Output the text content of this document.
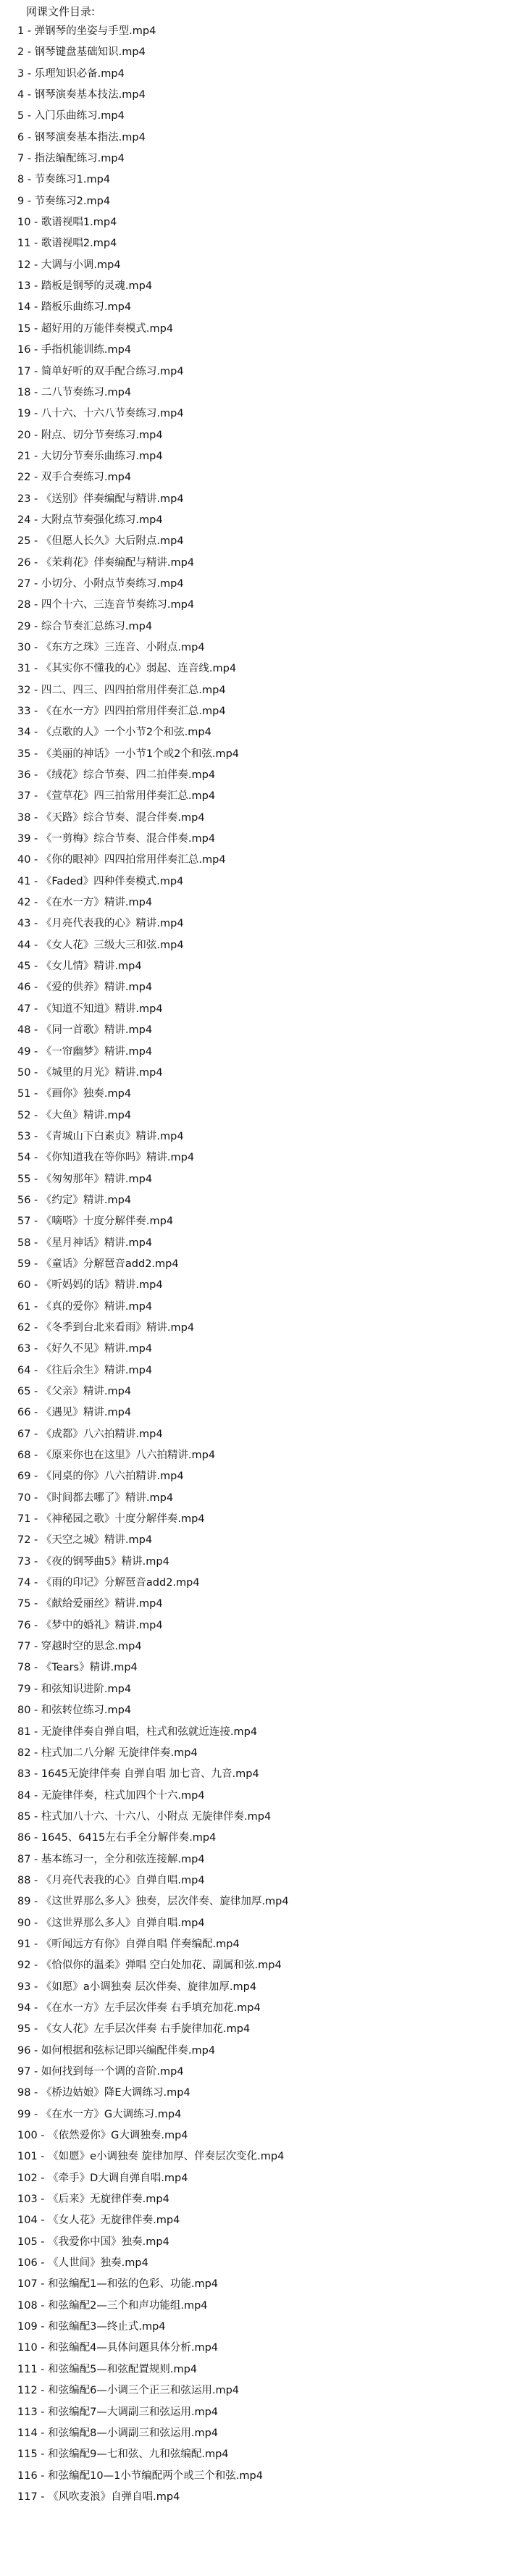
网课文件目录:
1 - 弹钢琴的坐姿与手型.mp4
2 - 钢琴键盘基础知识.mp4
3 - 乐理知识必备.mp4
4 - 钢琴演奏基本技法.mp4
5 - 入门乐曲练习.mp4
6 - 钢琴演奏基本指法.mp4
7 - 指法编配练习.mp4
8 - 节奏练习1.mp4
9 - 节奏练习2.mp4
10 - 歌谱视唱1.mp4
11 - 歌谱视唱2.mp4
12 - 大调与小调.mp4
13 - 踏板是钢琴的灵魂.mp4
14 - 踏板乐曲练习.mp4
15 - 超好用的万能伴奏模式.mp4
16 - 手指机能训练.mp4
17 - 简单好听的双手配合练习.mp4
18 - 二八节奏练习.mp4
19 - 八十六、十六八节奏练习.mp4
20 - 附点、切分节奏练习.mp4
21 - 大切分节奏乐曲练习.mp4
22 - 双手合奏练习.mp4
23 - 《送别》伴奏编配与精讲.mp4
24 - 大附点节奏强化练习.mp4
25 - 《但愿人长久》大后附点.mp4
26 - 《茉莉花》伴奏编配与精讲.mp4
27 - 小切分、小附点节奏练习.mp4
28 - 四个十六、三连音节奏练习.mp4
29 - 综合节奏汇总练习.mp4
30 - 《东方之珠》三连音、小附点.mp4
31 - 《其实你不懂我的心》弱起、连音线.mp4
32 - 四二、四三、四四拍常用伴奏汇总.mp4
33 - 《在水一方》四四拍常用伴奏汇总.mp4
34 - 《点歌的人》一个小节2个和弦.mp4
35 - 《美丽的神话》一小节1个或2个和弦.mp4
36 - 《绒花》综合节奏、四二拍伴奏.mp4
37 - 《萱草花》四三拍常用伴奏汇总.mp4
38 - 《天路》综合节奏、混合伴奏.mp4
39 - 《一剪梅》综合节奏、混合伴奏.mp4
40 - 《你的眼神》四四拍常用伴奏汇总.mp4
41 - 《Faded》四种伴奏模式.mp4
42 - 《在水一方》精讲.mp4
43 - 《月亮代表我的心》精讲.mp4
44 - 《女人花》三级大三和弦.mp4
45 - 《女儿情》精讲.mp4
46 - 《爱的供养》精讲.mp4
47 - 《知道不知道》精讲.mp4
48 - 《同一首歌》精讲.mp4
49 - 《一帘幽梦》精讲.mp4
50 - 《城里的月光》精讲.mp4
51 - 《画你》独奏.mp4
52 - 《大鱼》精讲.mp4
53 - 《青城山下白素贞》精讲.mp4
54 - 《你知道我在等你吗》精讲.mp4
55 - 《匆匆那年》精讲.mp4
56 - 《约定》精讲.mp4
57 - 《嘀嗒》十度分解伴奏.mp4
58 - 《星月神话》精讲.mp4
59 - 《童话》分解琶音add2.mp4
60 - 《听妈妈的话》精讲.mp4
61 - 《真的爱你》精讲.mp4
62 - 《冬季到台北来看雨》精讲.mp4
63 - 《好久不见》精讲.mp4
64 - 《往后余生》精讲.mp4
65 - 《父亲》精讲.mp4
66 - 《遇见》精讲.mp4
67 - 《成都》八六拍精讲.mp4
68 - 《原来你也在这里》八六拍精讲.mp4
69 - 《同桌的你》八六拍精讲.mp4
70 - 《时间都去哪了》精讲.mp4
71 - 《神秘园之歌》十度分解伴奏.mp4
72 - 《天空之城》精讲.mp4
73 - 《夜的钢琴曲5》精讲.mp4
74 - 《雨的印记》分解琶音add2.mp4
75 - 《献给爱丽丝》精讲.mp4
76 - 《梦中的婚礼》精讲.mp4
77 - 穿越时空的思念.mp4
78 - 《Tears》精讲.mp4
79 - 和弦知识进阶.mp4
80 - 和弦转位练习.mp4
81 - 无旋律伴奏自弹自唱，柱式和弦就近连接.mp4
82 - 柱式加二八分解 无旋律伴奏.mp4
83 - 1645无旋律伴奏 自弹自唱 加七音、九音.mp4
84 - 无旋律伴奏，柱式加四个十六.mp4
85 - 柱式加八十六、十六八、小附点 无旋律伴奏.mp4
86 - 1645、6415左右手全分解伴奏.mp4
87 - 基本练习一，全分和弦连接解.mp4
88 - 《月亮代表我的心》自弹自唱.mp4
89 - 《这世界那么多人》独奏，层次伴奏、旋律加厚.mp4
90 - 《这世界那么多人》自弹自唱.mp4
91 - 《听闻远方有你》自弹自唱 伴奏编配.mp4
92 - 《恰似你的温柔》弹唱 空白处加花、副属和弦.mp4
93 - 《如愿》a小调独奏 层次伴奏、旋律加厚.mp4
94 - 《在水一方》左手层次伴奏 右手填充加花.mp4
95 - 《女人花》左手层次伴奏 右手旋律加花.mp4
96 - 如何根据和弦标记即兴编配伴奏.mp4
97 - 如何找到每一个调的音阶.mp4
98 - 《桥边姑娘》降E大调练习.mp4
99 - 《在水一方》G大调练习.mp4
100 - 《依然爱你》G大调独奏.mp4
101 - 《如愿》e小调独奏 旋律加厚、伴奏层次变化.mp4
102 - 《牵手》D大调自弹自唱.mp4
103 - 《后来》无旋律伴奏.mp4
104 - 《女人花》无旋律伴奏.mp4
105 - 《我爱你中国》独奏.mp4
106 - 《人世间》独奏.mp4
107 - 和弦编配1—和弦的色彩、功能.mp4
108 - 和弦编配2—三个和声功能组.mp4
109 - 和弦编配3—终止式.mp4
110 - 和弦编配4—具体问题具体分析.mp4
111 - 和弦编配5—和弦配置规则.mp4
112 - 和弦编配6—小调三个正三和弦运用.mp4
113 - 和弦编配7—大调副三和弦运用.mp4
114 - 和弦编配8—小调副三和弦运用.mp4
115 - 和弦编配9—七和弦、九和弦编配.mp4
116 - 和弦编配10—1小节编配两个或三个和弦.mp4
117 - 《风吹麦浪》自弹自唱.mp4
